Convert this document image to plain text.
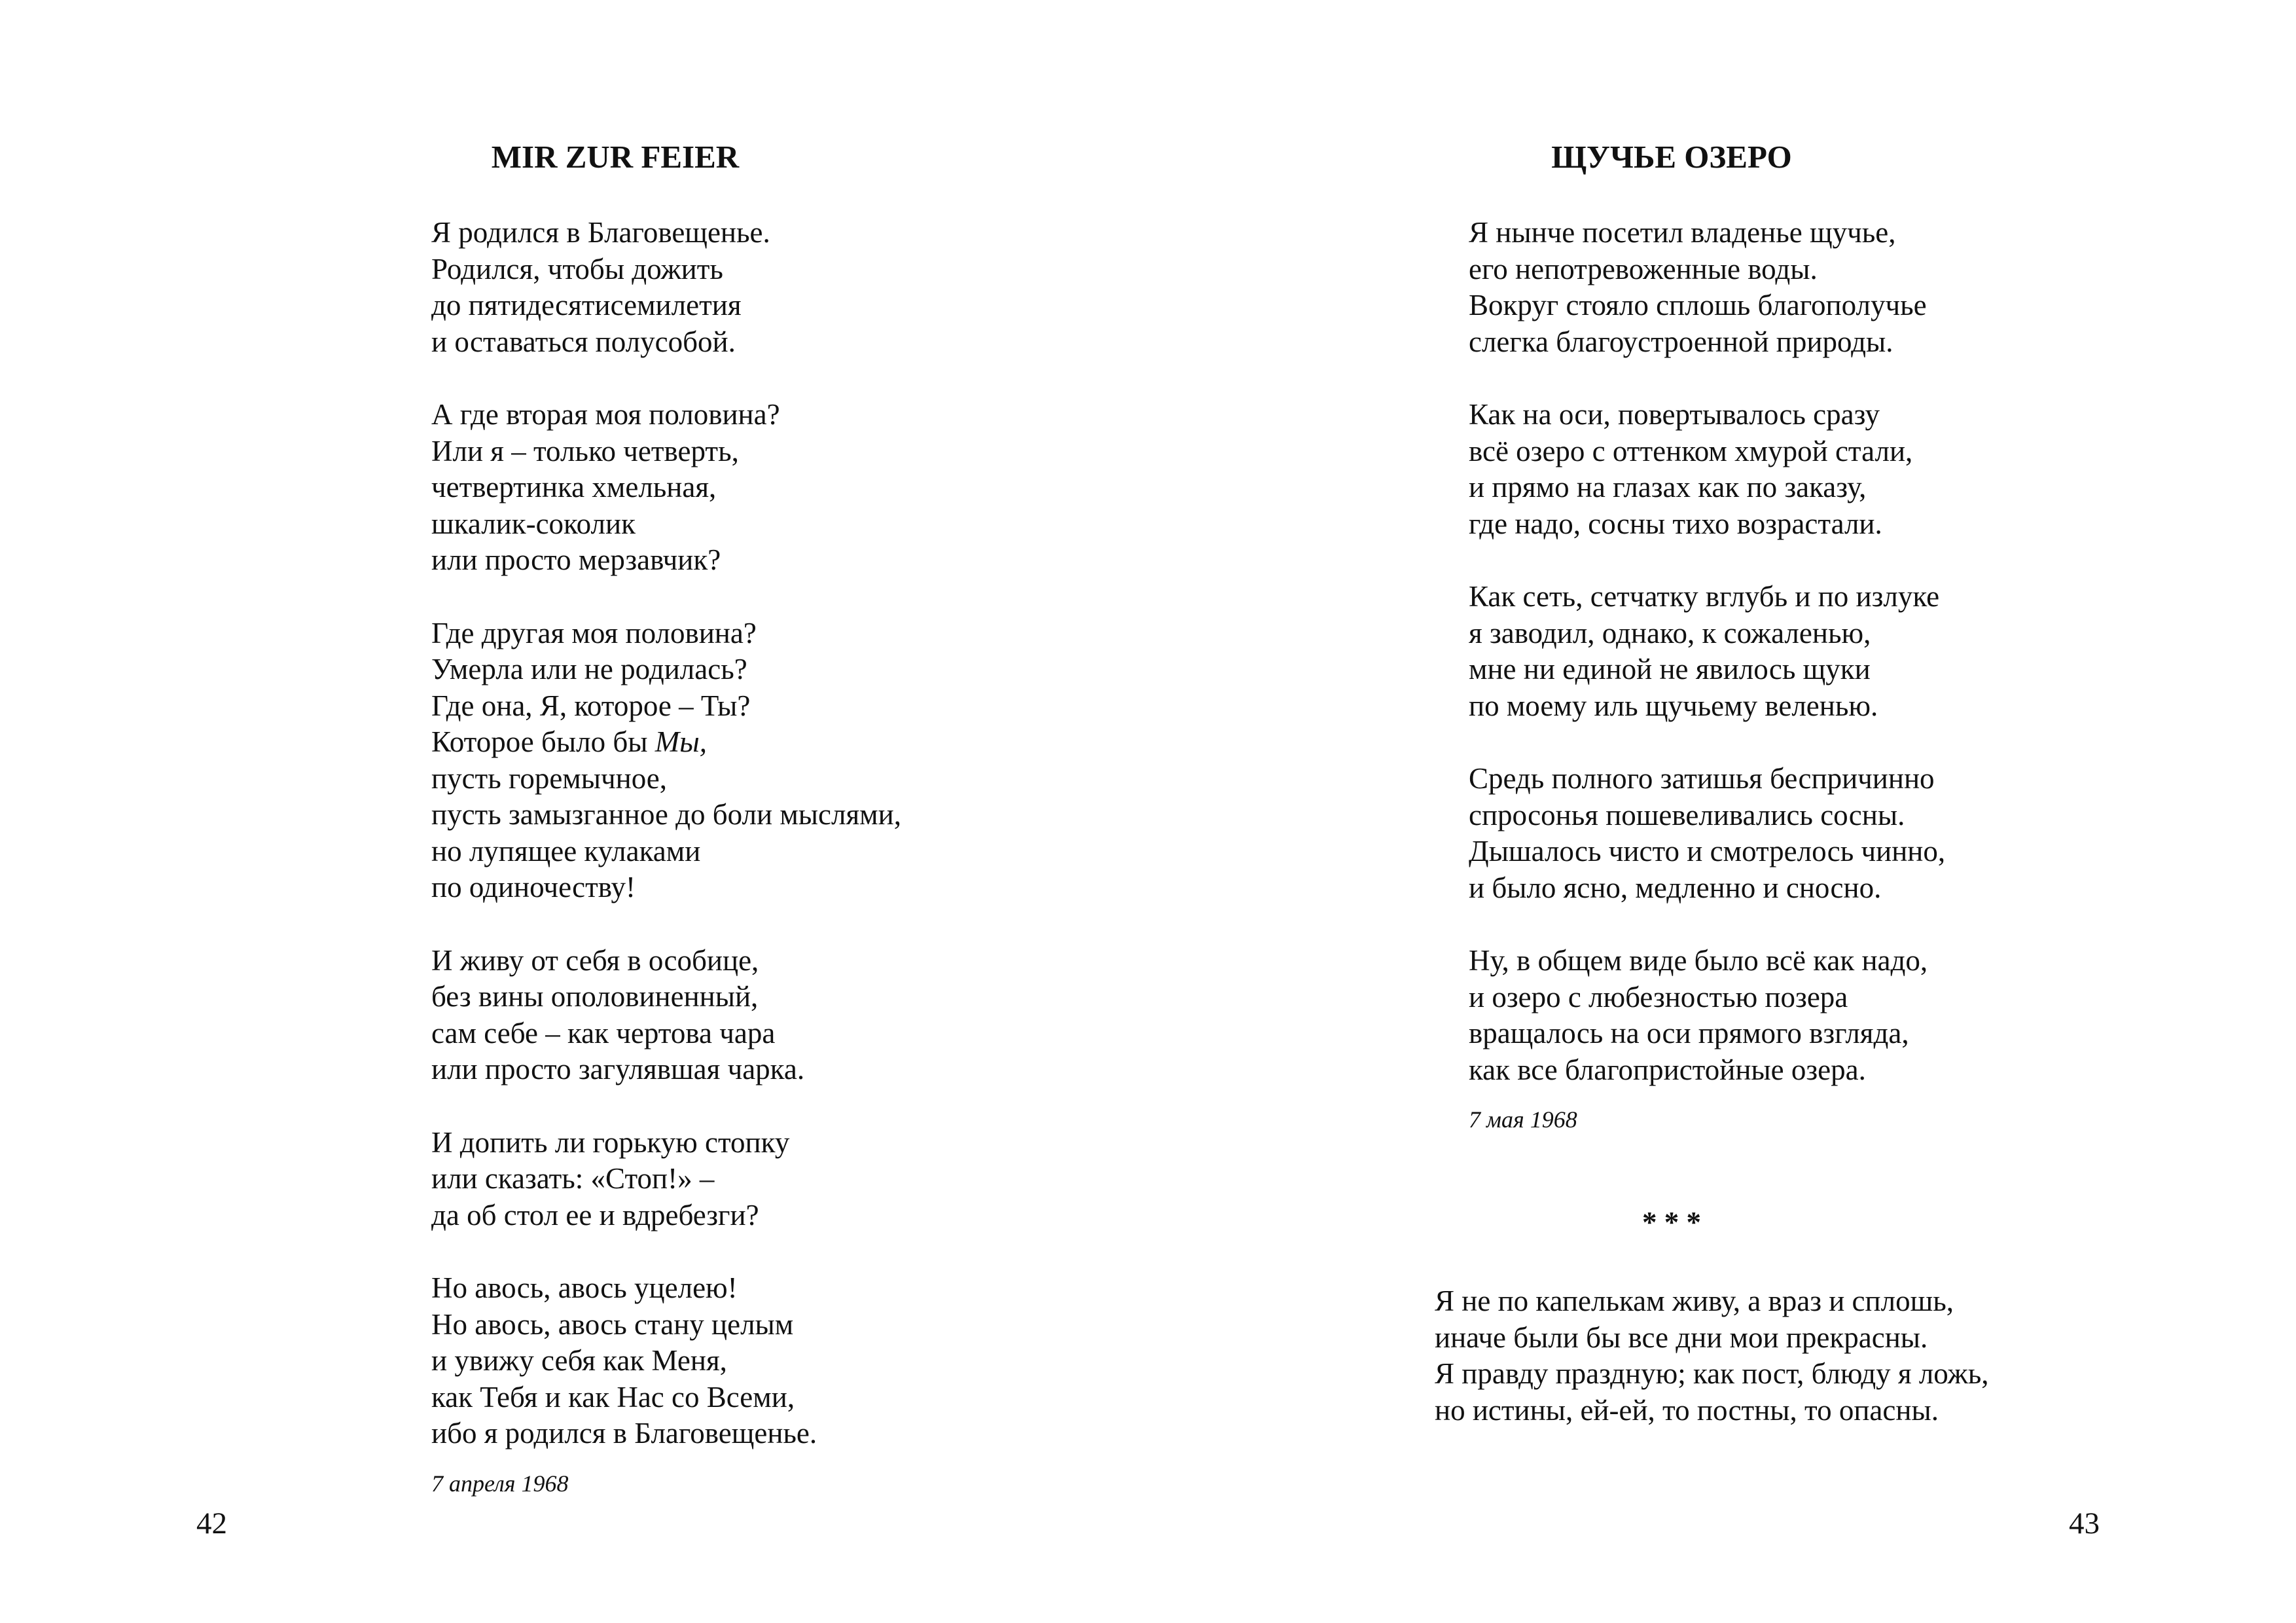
MIR ZUR FEIER
Я родился в Благовещенье.
Родился, чтобы дожить
до пятидесятисемилетия
и оставаться полусобой.
А где вторая моя половина?
Или я – только четверть,
четвертинка хмельная,
шкалик-соколик
или просто мерзавчик?
Где другая моя половина?
Умерла или не родилась?
Где она, Я, которое – Ты?
Которое было бы Мы,
пусть горемычное,
пусть замызганное до боли мыслями,
но лупящее кулаками
по одиночеству!
И живу от себя в особице,
без вины ополовиненный,
сам себе – как чертова чара
или просто загулявшая чарка.
И допить ли горькую стопку
или сказать: «Стоп!» –
да об стол ее и вдребезги?
Но авось, авось уцелею!
Но авось, авось стану целым
и увижу себя как Меня,
как Тебя и как Нас со Всеми,
ибо я родился в Благовещенье.
7 апреля 1968
42
ЩУЧЬЕ ОЗЕРО
Я нынче посетил владенье щучье,
его непотревоженные воды.
Вокруг стояло сплошь благополучье
слегка благоустроенной природы.
Как на оси, повертывалось сразу
всё озеро с оттенком хмурой стали,
и прямо на глазах как по заказу,
где надо, сосны тихо возрастали.
Как сеть, сетчатку вглубь и по излуке
я заводил, однако, к сожаленью,
мне ни единой не явилось щуки
по моему иль щучьему веленью.
Средь полного затишья беспричинно
спросонья пошевеливались сосны.
Дышалось чисто и смотрелось чинно,
и было ясно, медленно и сносно.
Ну, в общем виде было всё как надо,
и озеро с любезностью позера
вращалось на оси прямого взгляда,
как все благопристойные озера.
7 мая 1968
* * *
Я не по капелькам живу, а враз и сплошь,
иначе были бы все дни мои прекрасны.
Я правду праздную; как пост, блюду я ложь,
но истины, ей-ей, то постны, то опасны.
43
